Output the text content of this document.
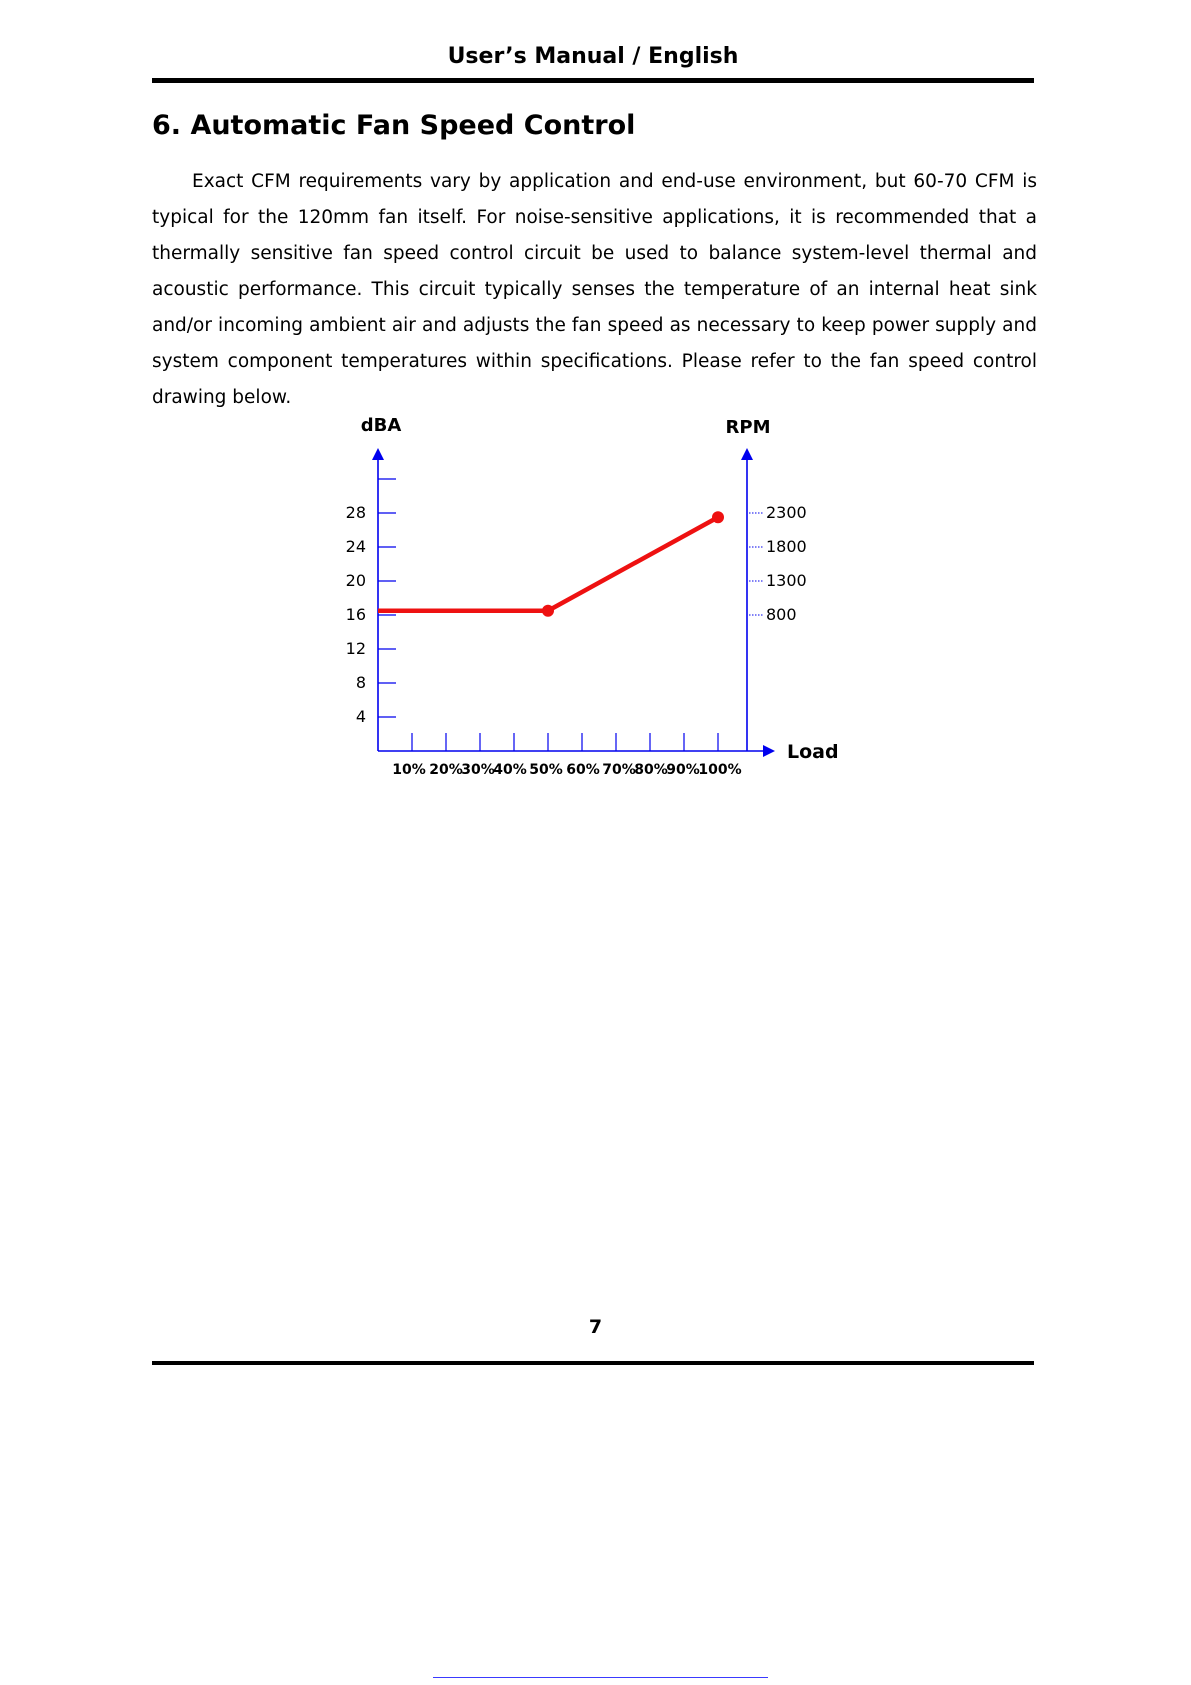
User’s Manual / English
6. Automatic Fan Speed Control

Exact CFM requirements vary by application and end-use environment, but 60-70 CFM is typical for the 120mm fan itself. For noise-sensitive applications, it is recommended that a thermally sensitive fan speed control circuit be used to balance system-level thermal and acoustic performance. This circuit typically senses the temperature of an internal heat sink and/or incoming ambient air and adjusts the fan speed as necessary to keep power supply and system component temperatures within specifications. Please refer to the fan speed control drawing below.

4
8
12
16
20
24
28
10% 20%
30%
40% 50% 60% 70%
80%
90%
100%
800
1300
1800
2300
dBA	RPM
Load
7
